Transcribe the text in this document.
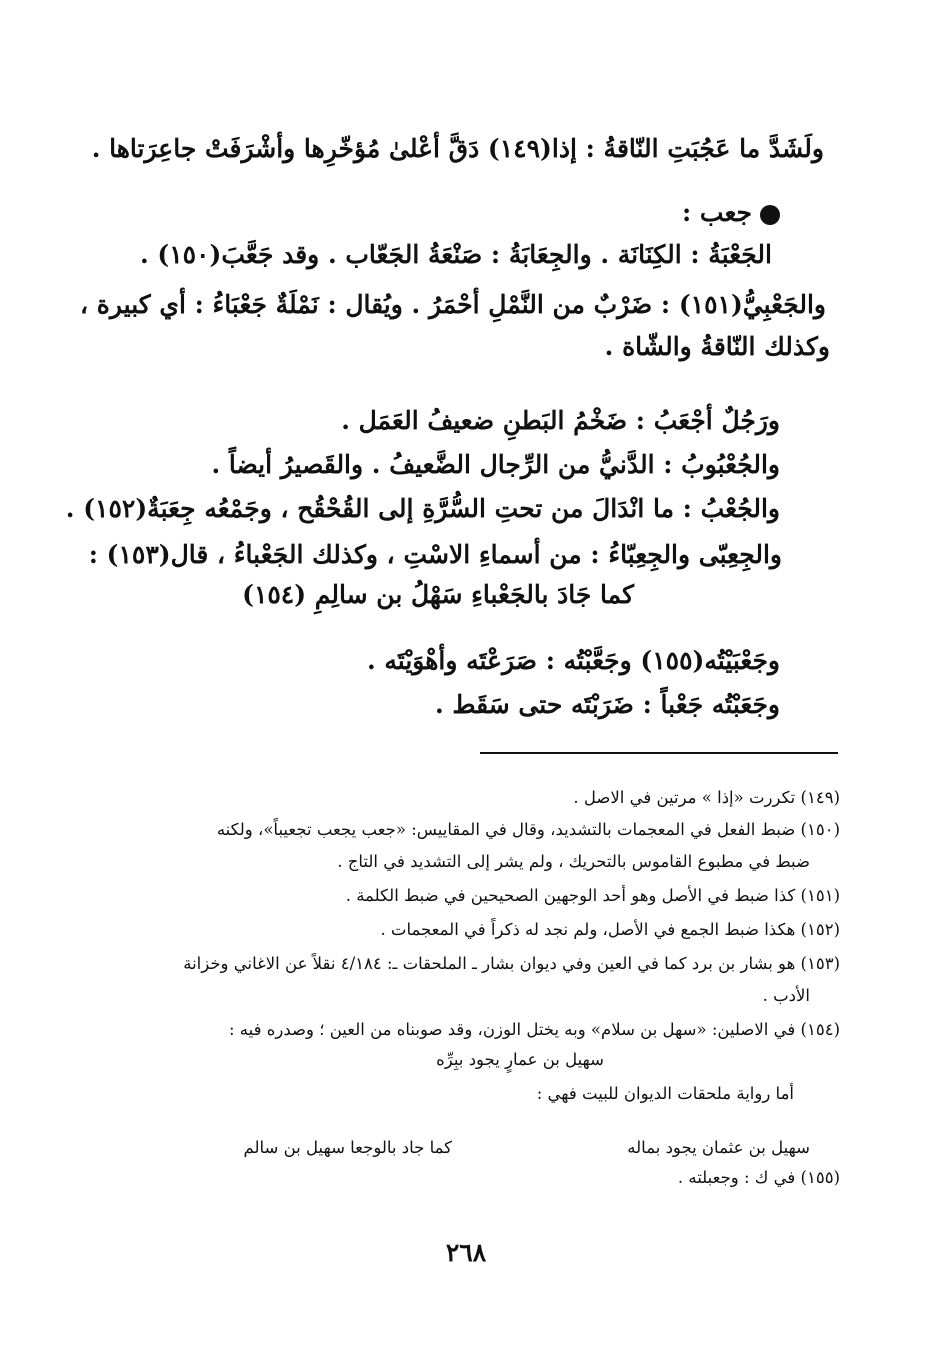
ولَشَدَّ ما عَجُبَتِ النّاقةُ : إذا(١٤٩) دَقَّ أعْلىٰ مُؤخّرِها وأشْرَفَتْ جاعِرَتاها .
جعب :
الجَعْبَةُ : الكِنَانَة . والجِعَابَةُ : صَنْعَةُ الجَعّاب . وقد جَعَّبَ(١٥٠) .
والجَعْبِيُّ(١٥١) : ضَرْبٌ من النَّمْلِ أحْمَرُ . ويُقال : نَمْلَةٌ جَعْبَاءُ : أي كبيرة ،
وكذلك النّاقةُ والشّاة .
ورَجُلٌ أجْعَبُ : ضَخْمُ البَطنِ ضعيفُ العَمَل .
والجُعْبُوبُ : الدَّنيُّ من الرِّجال الضَّعيفُ . والقَصيرُ أيضاً .
والجُعْبُ : ما انْدَالَ من تحتِ السُّرَّةِ إلى القُحْقُح ، وجَمْعُه جِعَبَةٌ(١٥٢) .
والجِعِبّى والجِعِبّاءُ : من أسماءِ الاسْتِ ، وكذلك الجَعْباءُ ، قال(١٥٣) :
كما جَادَ بالجَعْباءِ سَهْلُ بن سالِمِ (١٥٤)
وجَعْبَيْتُه(١٥٥) وجَعَّبْتُه : صَرَعْتَه وأهْوَيْتَه .
وجَعَبْتُه جَعْباً : ضَرَبْتَه حتى سَقَط .
(١٤٩) تكررت «إذا » مرتين في الاصل .
(١٥٠) ضبط الفعل في المعجمات بالتشديد، وقال في المقاييس: «جعب يجعب تجعيباً»، ولكنه
ضبط في مطبوع القاموس بالتحريك ، ولم يشر إلى التشديد في التاج .
(١٥١) كذا ضبط في الأصل وهو أحد الوجهين الصحيحين في ضبط الكلمة .
(١٥٢) هكذا ضبط الجمع في الأصل، ولم نجد له ذكراً في المعجمات .
(١٥٣) هو بشار بن برد كما في العين وفي ديوان بشار ـ الملحقات ـ: ٤/١٨٤ نقلاً عن الاغاني وخزانة
الأدب .
(١٥٤) في الاصلين: «سهل بن سلام» وبه يختل الوزن، وقد صوبناه من العين ؛ وصدره فيه :
سهيل بن عمارٍ يجود ببِرِّه
أما رواية ملحقات الديوان للبيت فهي :
سهيل بن عثمان يجود بماله
كما جاد بالوجعا سهيل بن سالم
(١٥٥) في ك : وجعبلته .
٢٦٨
